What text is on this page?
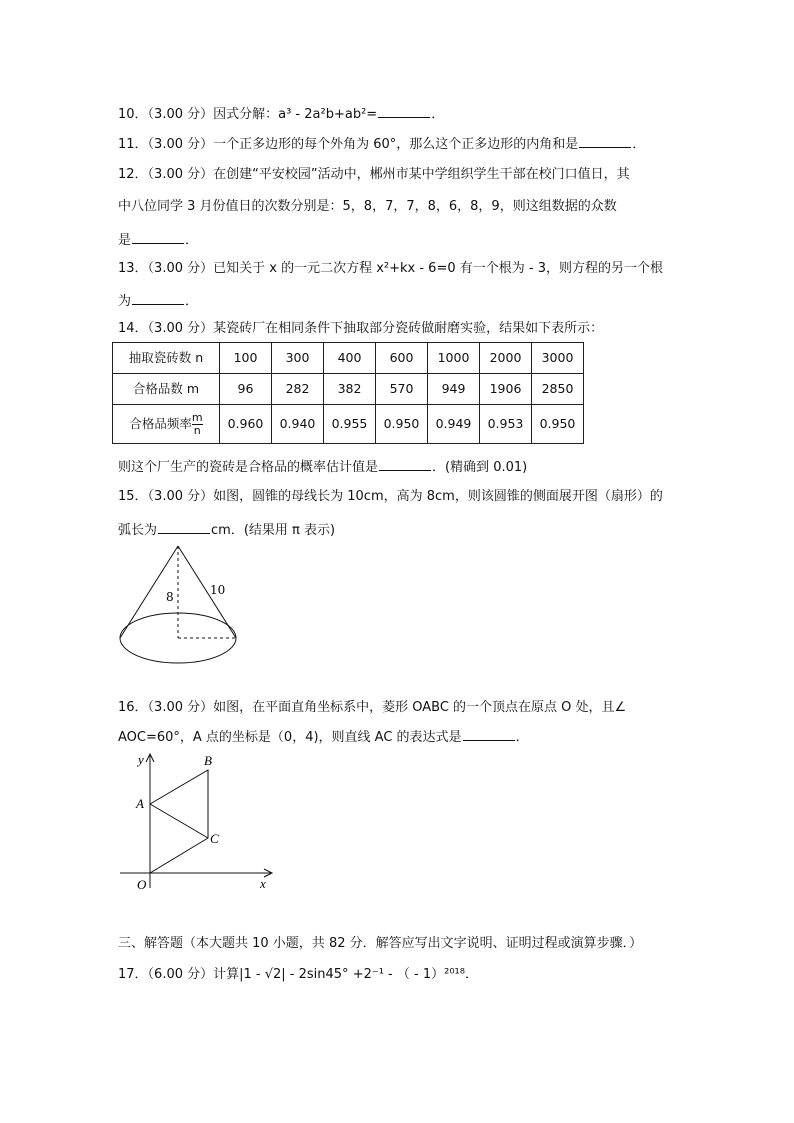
10．（3.00 分）因式分解：a³ - 2a²b+ab²=	．
11．（3.00 分）一个正多边形的每个外角为 60°，那么这个正多边形的内角和是	．
12．（3.00 分）在创建“平安校园”活动中，郴州市某中学组织学生干部在校门口值日，其
中八位同学 3 月份值日的次数分别是：5，8，7，7，8，6，8，9，则这组数据的众数
是	．
13．（3.00 分）已知关于 x 的一元二次方程 x²+kx - 6=0 有一个根为 - 3，则方程的另一个根
为	．
14．（3.00 分）某瓷砖厂在相同条件下抽取部分瓷砖做耐磨实验，结果如下表所示：
抽取瓷砖数 n	100	300	400	600	1000	2000	3000
合格品数 m	96	282	382	570	949	1906	2850
合格品频率 $\frac{m}{n}$	0.960	0.940	0.955	0.950	0.949	0.953	0.950
则这个厂生产的瓷砖是合格品的概率估计值是	．(精确到 0.01)
15．（3.00 分）如图，圆锥的母线长为 10cm，高为 8cm，则该圆锥的侧面展开图（扇形）的
弧长为	cm．(结果用 π 表示)
8	10
16．（3.00 分）如图，在平面直角坐标系中，菱形 OABC 的一个顶点在原点 O 处，且∠
AOC=60°，A 点的坐标是（0，4)，则直线 AC 的表达式是	．
y
x
O
A
B
C
三、解答题（本大题共 10 小题，共 82 分．解答应写出文字说明、证明过程或演算步骤．）
17．（6.00 分）计算|1 - √2| - 2sin45° +2⁻¹ - （ - 1）²⁰¹⁸．
